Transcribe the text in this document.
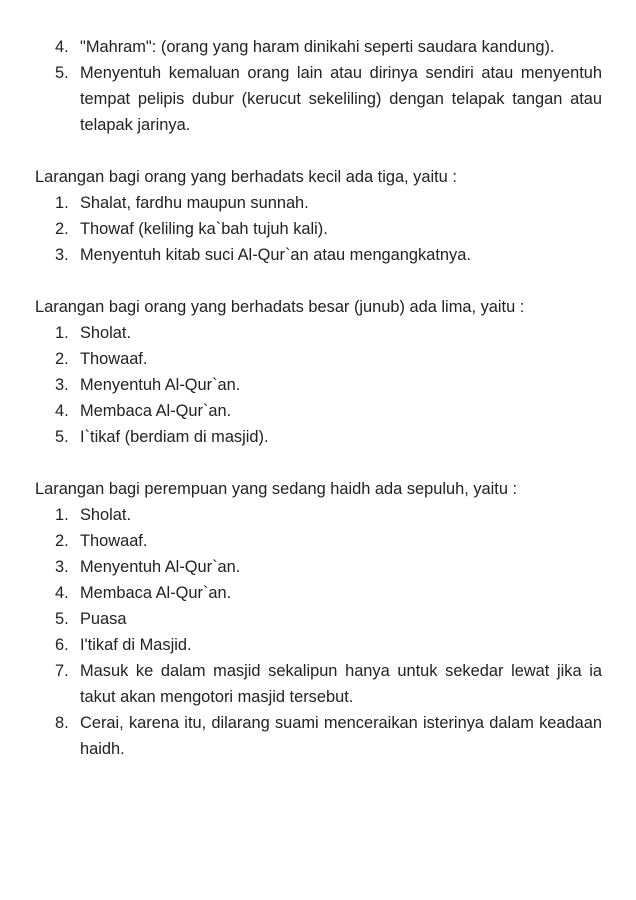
4. "Mahram": (orang yang haram dinikahi seperti saudara kandung).
5. Menyentuh kemaluan orang lain atau dirinya sendiri atau menyentuh tempat pelipis dubur (kerucut sekeliling) dengan telapak tangan atau telapak jarinya.

Larangan bagi orang yang berhadats kecil ada tiga, yaitu :

1. Shalat, fardhu maupun sunnah.
2. Thowaf (keliling ka`bah tujuh kali).
3. Menyentuh kitab suci Al-Qur`an atau mengangkatnya.

Larangan bagi orang yang berhadats besar (junub) ada lima, yaitu :

1. Sholat.
2. Thowaaf.
3. Menyentuh Al-Qur`an.
4. Membaca Al-Qur`an.
5. I`tikaf (berdiam di masjid).

Larangan bagi perempuan yang sedang haidh ada sepuluh, yaitu :

1. Sholat.
2. Thowaaf.
3. Menyentuh Al-Qur`an.
4. Membaca Al-Qur`an.
5. Puasa
6. I'tikaf di Masjid.
7. Masuk ke dalam masjid sekalipun hanya untuk sekedar lewat jika ia takut akan mengotori masjid tersebut.
8. Cerai, karena itu, dilarang suami menceraikan isterinya dalam keadaan haidh.
